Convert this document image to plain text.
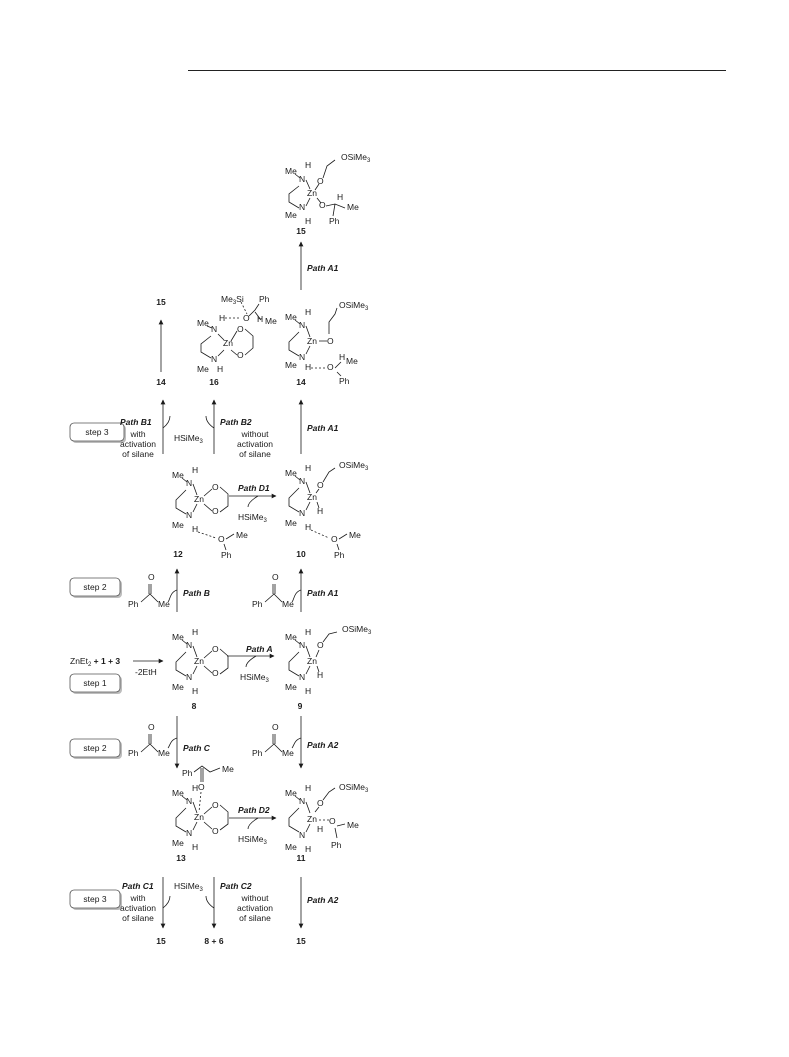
step 3
step 2
step 1
step 2
step 3
ZnEt$_2$ + 1 + 3
-2EtH
Me H
N
Zn
N
Me H
O
O
8
Path A
HSiMe$_3$
Me H
N
Zn
N
Me H
O
H
OSiMe$_3$
9
Path B
Ph
O
Me
Path A1
Ph
O
Me
Me H
N
Zn
N
Me H
O
O
O Me
Ph
12
Path D1
HSiMe$_3$
Me H
N
Zn
N
Me H
O
H
OSiMe$_3$
O Me
Ph
10
Path B1
with
activation
of silane
HSiMe$_3$
Path B2
without
activation
of silane
Path A1
15
14
$Me_3Si$ Ph
H O H Me
Me
N
Zn
O
O
N
Me H
16
Me H
N
Zn O
N
Me H O
H Me
Ph
OSiMe$_3$
14
Path A1
Me
H
N O
Zn
O
N
Me
H
H
Me
Ph
OSiMe$_3$
15
Path C
Ph
O
Me
Path A2
Ph
O
Me
Ph	Me
O
Me H
N
Zn
O
O
N
Me H
13
Path D2
HSiMe$_3$
Me H
N O
Zn
H
O Me
Ph
N
Me H
OSiMe$_3$
11
Path C1
with
activation
of silane
15
HSiMe$_3$ Path C2
without
activation
of silane
8 + 6
Path A2
15
